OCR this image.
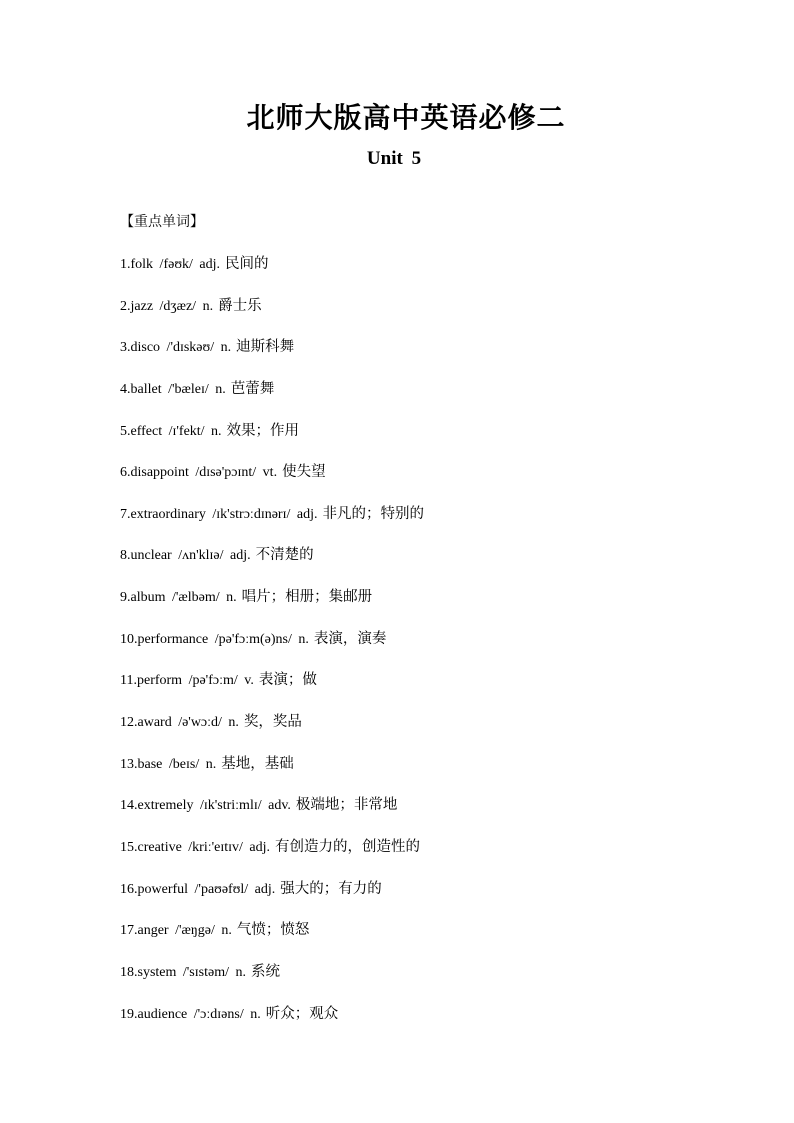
北师大版高中英语必修二
Unit 5

【重点单词】

1.folk /fəʊk/ adj. 民间的
2.jazz /dʒæz/ n. 爵士乐
3.disco /'dɪskəʊ/ n. 迪斯科舞
4.ballet /'bæleɪ/ n. 芭蕾舞
5.effect /ɪ'fekt/ n. 效果；作用
6.disappoint /dɪsə'pɔɪnt/ vt. 使失望
7.extraordinary /ɪk'strɔːdɪnərɪ/ adj. 非凡的；特别的
8.unclear /ʌn'klɪə/ adj. 不清楚的
9.album /'ælbəm/ n. 唱片；相册；集邮册
10.performance /pə'fɔːm(ə)ns/ n. 表演，演奏
11.perform /pə'fɔːm/ v. 表演；做
12.award /ə'wɔːd/ n. 奖，奖品
13.base /beɪs/ n. 基地，基础
14.extremely /ɪk'striːmlɪ/ adv. 极端地；非常地
15.creative /kriː'eɪtɪv/ adj. 有创造力的，创造性的
16.powerful /'paʊəfʊl/ adj. 强大的；有力的
17.anger /'æŋgə/ n. 气愤；愤怒
18.system /'sɪstəm/ n. 系统
19.audience /'ɔːdɪəns/ n. 听众；观众
